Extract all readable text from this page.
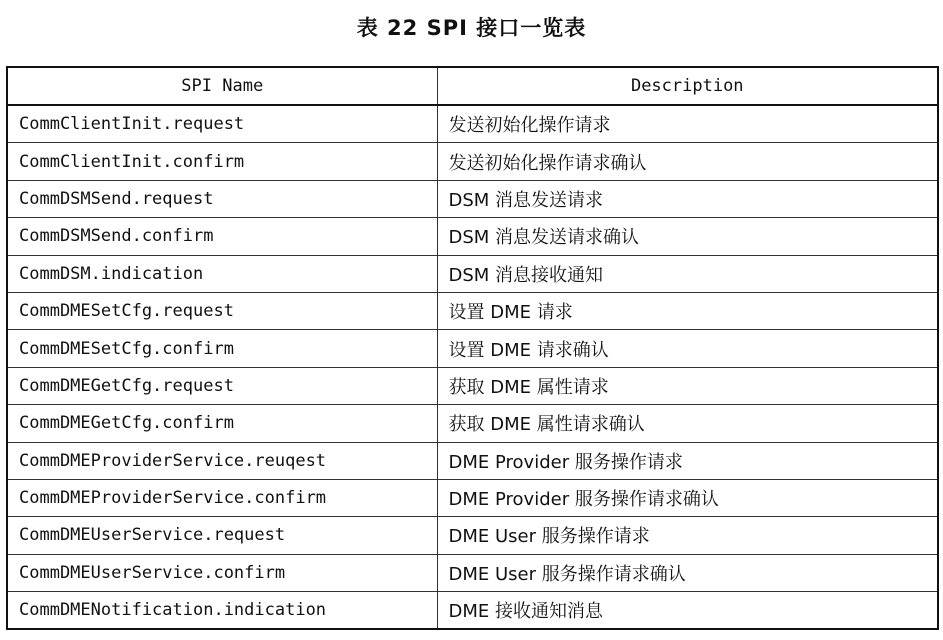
表 22 SPI 接口一览表
SPI Name	Description
CommClientInit.request	发送初始化操作请求
CommClientInit.confirm	发送初始化操作请求确认
CommDSMSend.request	DSM 消息发送请求
CommDSMSend.confirm	DSM 消息发送请求确认
CommDSM.indication	DSM 消息接收通知
CommDMESetCfg.request	设置 DME 请求
CommDMESetCfg.confirm	设置 DME 请求确认
CommDMEGetCfg.request	获取 DME 属性请求
CommDMEGetCfg.confirm	获取 DME 属性请求确认
CommDMEProviderService.reuqest	DME Provider 服务操作请求
CommDMEProviderService.confirm	DME Provider 服务操作请求确认
CommDMEUserService.request	DME User 服务操作请求
CommDMEUserService.confirm	DME User 服务操作请求确认
CommDMENotification.indication	DME 接收通知消息
